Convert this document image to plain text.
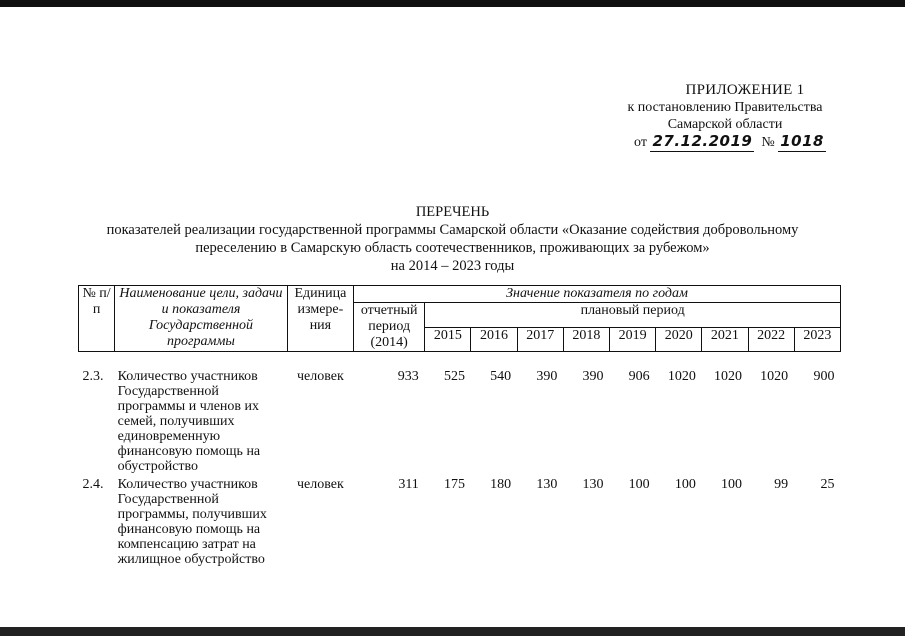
ПРИЛОЖЕНИЕ 1
к постановлению Правительства
Самарской области
от 27.12.2019 № 1018
ПЕРЕЧЕНЬ
показателей реализации государственной программы Самарской области «Оказание содействия добровольному
переселению в Самарскую область соотечественников, проживающих за рубежом»
на 2014 – 2023 годы
№ п/п	Наименование цели, задачи и показателя Государственной программы	Единица измере-ния	Значение показателя по годам									
			отчетный период (2014)	плановый период								
				2015	2016	2017	2018	2019	2020	2021	2022	2023

2.3.	Количество участников Государственной программы и членов их семей, получивших единовременную финансовую помощь на обустройство	человек	933	525	540	390	390	906	1020	1020	1020	900
2.4.	Количество участников Государственной программы, получивших финансовую помощь на компенсацию затрат на жилищное обустройство	человек	311	175	180	130	130	100	100	100	99	25
